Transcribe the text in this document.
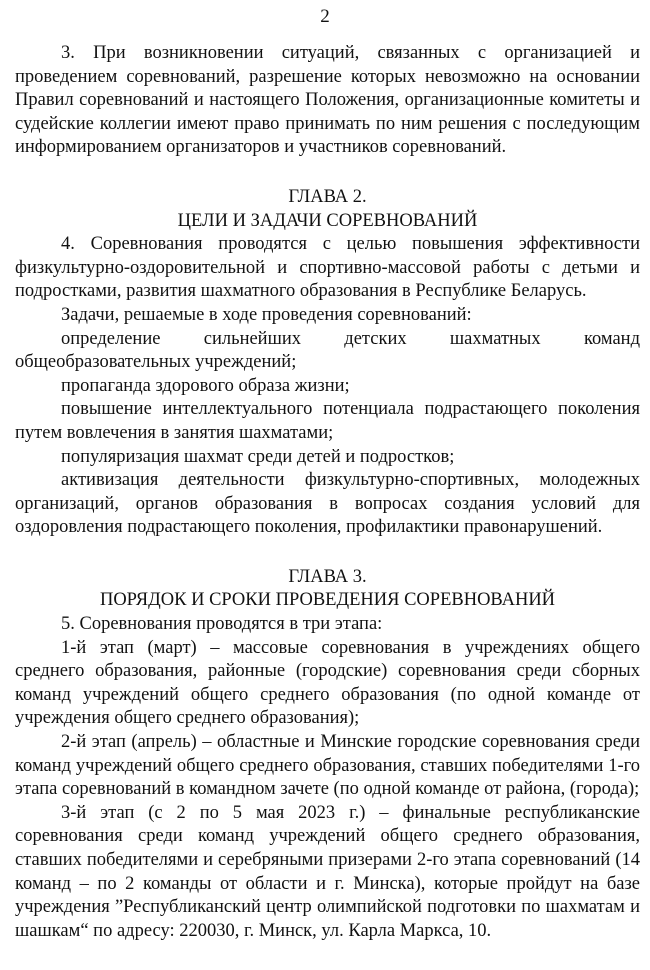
2

3. При возникновении ситуаций, связанных с организацией и проведением соревнований, разрешение которых невозможно на основании Правил соревнований и настоящего Положения, организационные комитеты и судейские коллегии имеют право принимать по ним решения с последующим информированием организаторов и участников соревнований.

ГЛАВА 2.

ЦЕЛИ И ЗАДАЧИ СОРЕВНОВАНИЙ

4. Соревнования проводятся с целью повышения эффективности физкультурно-оздоровительной и спортивно-массовой работы с детьми и подростками, развития шахматного образования в Республике Беларусь.

Задачи, решаемые в ходе проведения соревнований:

определение сильнейших детских шахматных команд общеобразовательных учреждений;

пропаганда здорового образа жизни;

повышение интеллектуального потенциала подрастающего поколения путем вовлечения в занятия шахматами;

популяризация шахмат среди детей и подростков;

активизация деятельности физкультурно-спортивных, молодежных организаций, органов образования в вопросах создания условий для оздоровления подрастающего поколения, профилактики правонарушений.

ГЛАВА 3.

ПОРЯДОК И СРОКИ ПРОВЕДЕНИЯ СОРЕВНОВАНИЙ

5. Соревнования проводятся в три этапа:

1-й этап (март) – массовые соревнования в учреждениях общего среднего образования, районные (городские) соревнования среди сборных команд учреждений общего среднего образования (по одной команде от учреждения общего среднего образования);

2-й этап (апрель) – областные и Минские городские соревнования среди команд учреждений общего среднего образования, ставших победителями 1-го этапа соревнований в командном зачете (по одной команде от района, (города);

3-й этап (с 2 по 5 мая 2023 г.) – финальные республиканские соревнования среди команд учреждений общего среднего образования, ставших победителями и серебряными призерами 2-го этапа соревнований (14 команд – по 2 команды от области и г. Минска), которые пройдут на базе учреждения ”Республиканский центр олимпийской подготовки по шахматам и шашкам“ по адресу: 220030, г. Минск, ул. Карла Маркса, 10.
